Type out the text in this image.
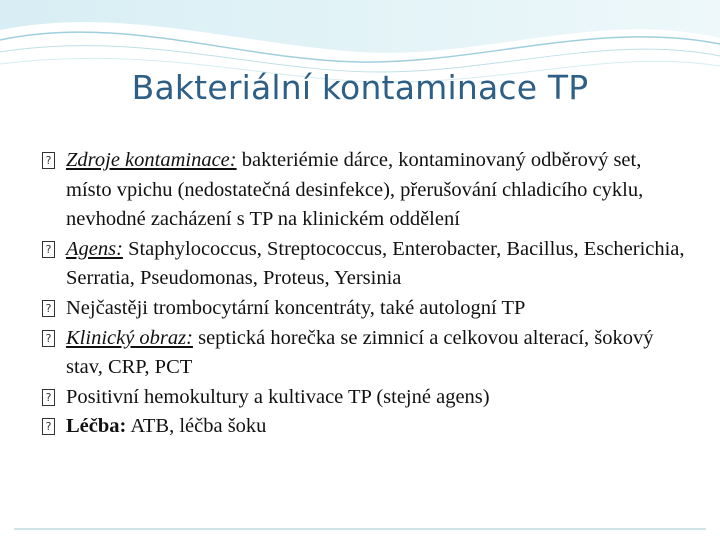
Bakteriální kontaminace TP
? Zdroje kontaminace: bakteriémie dárce, kontaminovaný odběrový set, místo vpichu (nedostatečná desinfekce), přerušování chladicího cyklu, nevhodné zacházení s TP na klinickém oddělení
? Agens: Staphylococcus, Streptococcus, Enterobacter, Bacillus, Escherichia, Serratia, Pseudomonas, Proteus, Yersinia
? Nejčastěji trombocytární koncentráty, také autologní TP
? Klinický obraz: septická horečka se zimnicí a celkovou alterací, šokový stav, CRP, PCT
? Positivní hemokultury a kultivace TP (stejné agens)
? Léčba: ATB, léčba šoku
